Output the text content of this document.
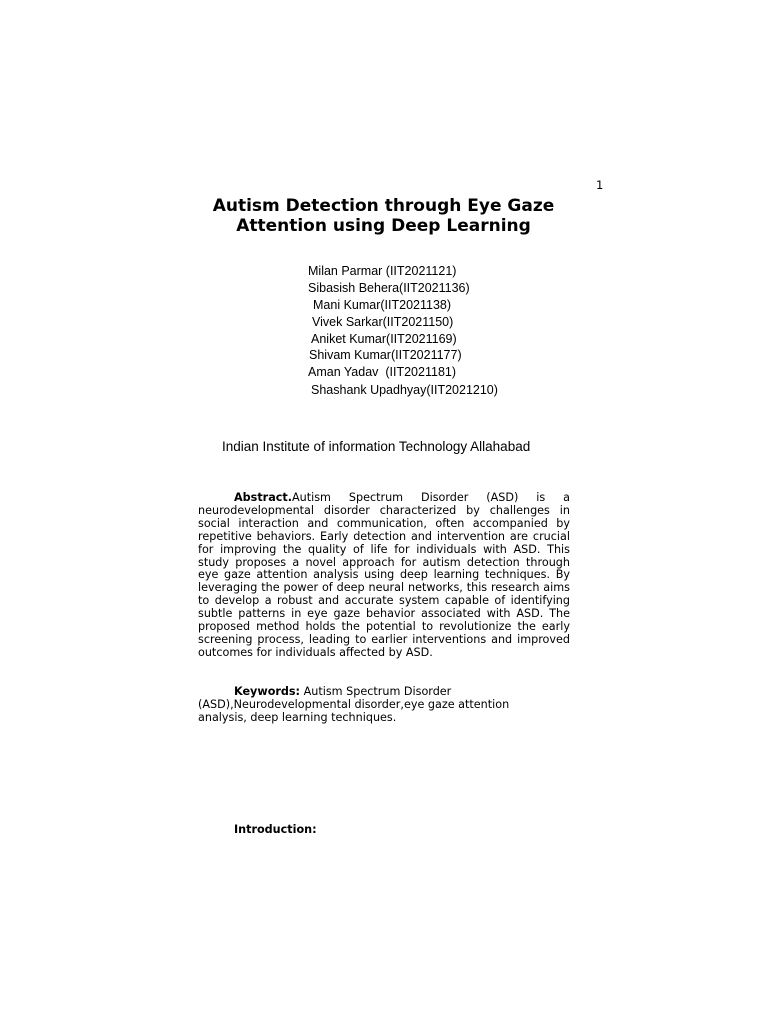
1
Autism Detection through Eye Gaze
Attention using Deep Learning
Milan Parmar (IIT2021121)
Sibasish Behera(IIT2021136)
Mani Kumar(IIT2021138)
Vivek Sarkar(IIT2021150)
Aniket Kumar(IIT2021169)
Shivam Kumar(IIT2021177)
Aman Yadav  (IIT2021181)
Shashank Upadhyay(IIT2021210)
Indian Institute of information Technology Allahabad
Abstract.Autism Spectrum Disorder (ASD) is a neurodevelopmental disorder characterized by challenges in social interaction and communication, often accompanied by repetitive behaviors. Early detection and intervention are crucial for improving the quality of life for individuals with ASD. This study proposes a novel approach for autism detection through eye gaze attention analysis using deep learning techniques. By leveraging the power of deep neural networks, this research aims to develop a robust and accurate system capable of identifying subtle patterns in eye gaze behavior associated with ASD. The proposed method holds the potential to revolutionize the early screening process, leading to earlier interventions and improved outcomes for individuals affected by ASD.
Keywords: Autism Spectrum Disorder (ASD),Neurodevelopmental disorder,eye gaze attention analysis, deep learning techniques.
Introduction:
